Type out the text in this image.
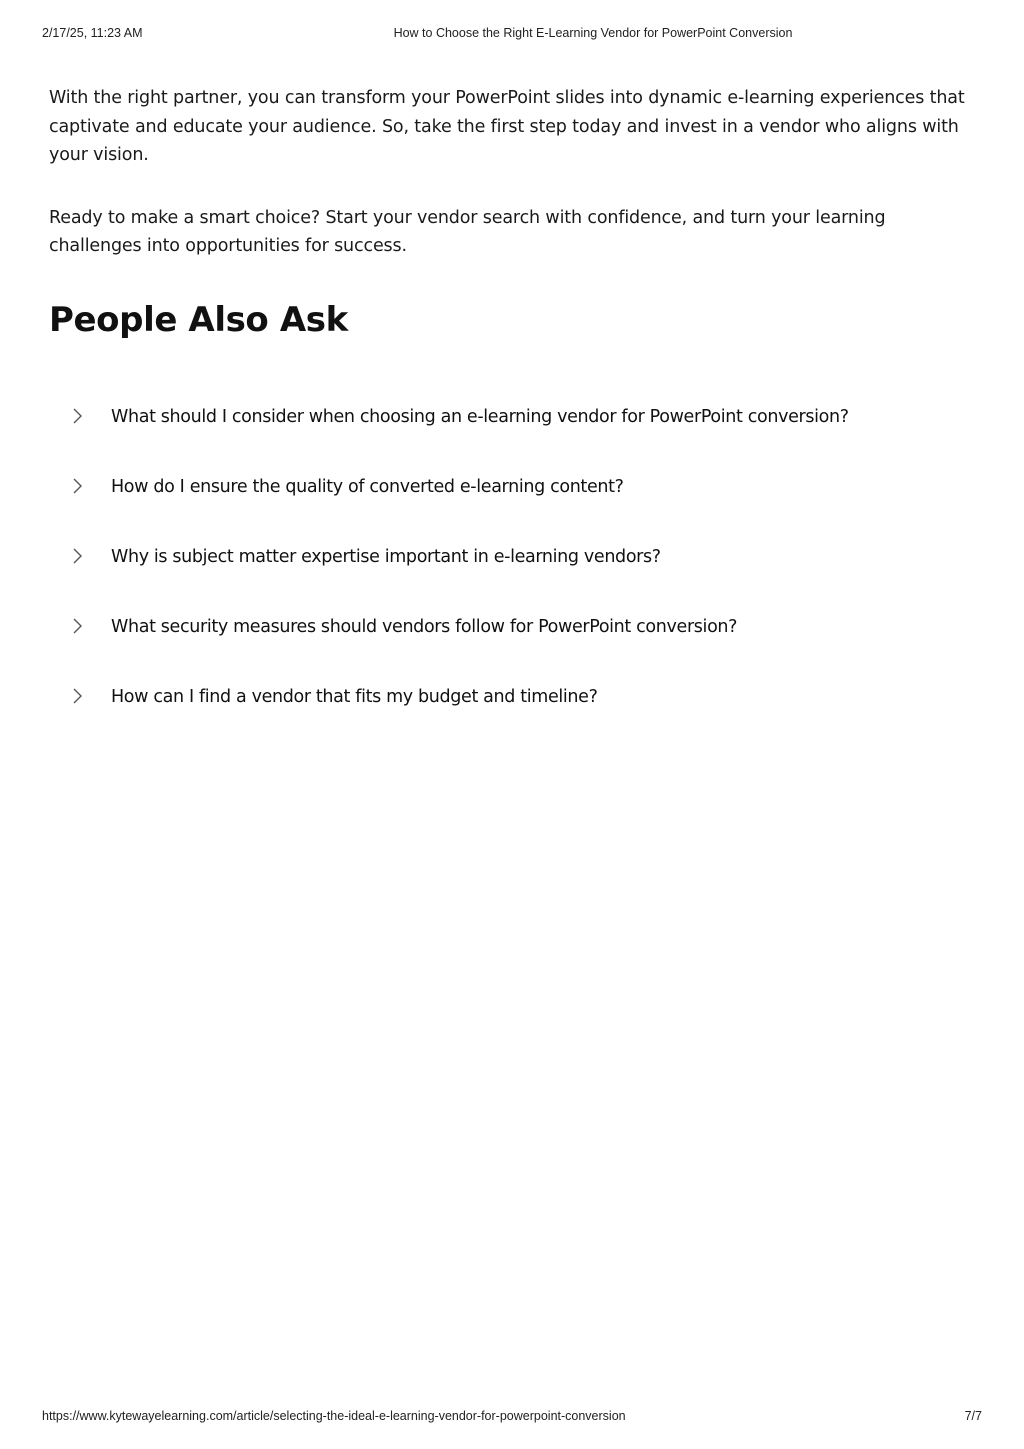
2/17/25, 11:23 AM	How to Choose the Right E-Learning Vendor for PowerPoint Conversion

With the right partner, you can transform your PowerPoint slides into dynamic e-learning experiences that captivate and educate your audience. So, take the first step today and invest in a vendor who aligns with your vision.

Ready to make a smart choice? Start your vendor search with confidence, and turn your learning challenges into opportunities for success.

People Also Ask
What should I consider when choosing an e-learning vendor for PowerPoint conversion?
How do I ensure the quality of converted e-learning content?
Why is subject matter expertise important in e-learning vendors?
What security measures should vendors follow for PowerPoint conversion?
How can I find a vendor that fits my budget and timeline?
https://www.kytewayelearning.com/article/selecting-the-ideal-e-learning-vendor-for-powerpoint-conversion	7/7
